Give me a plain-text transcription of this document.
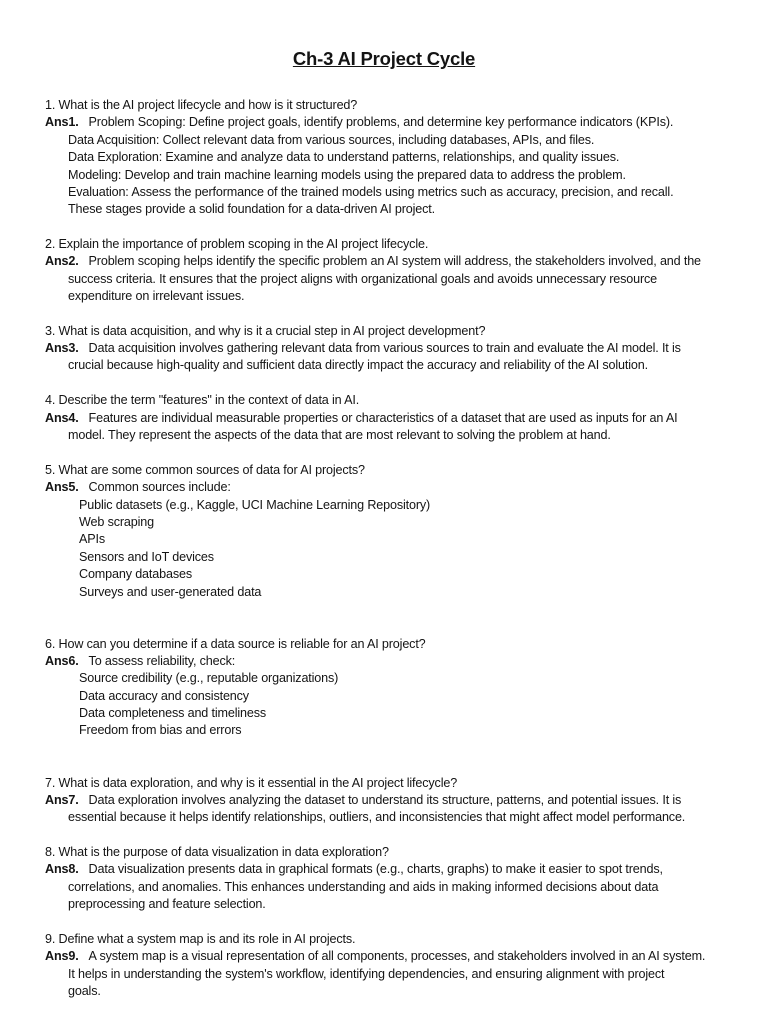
Ch-3 AI Project Cycle
1. What is the AI project lifecycle and how is it structured?
Ans1. Problem Scoping: Define project goals, identify problems, and determine key performance indicators (KPIs).
Data Acquisition: Collect relevant data from various sources, including databases, APIs, and files.
Data Exploration: Examine and analyze data to understand patterns, relationships, and quality issues.
Modeling: Develop and train machine learning models using the prepared data to address the problem.
Evaluation: Assess the performance of the trained models using metrics such as accuracy, precision, and recall.
These stages provide a solid foundation for a data-driven AI project.
2. Explain the importance of problem scoping in the AI project lifecycle.
Ans2. Problem scoping helps identify the specific problem an AI system will address, the stakeholders involved, and the
success criteria. It ensures that the project aligns with organizational goals and avoids unnecessary resource
expenditure on irrelevant issues.
3. What is data acquisition, and why is it a crucial step in AI project development?
Ans3. Data acquisition involves gathering relevant data from various sources to train and evaluate the AI model. It is
crucial because high-quality and sufficient data directly impact the accuracy and reliability of the AI solution.
4. Describe the term "features" in the context of data in AI.
Ans4. Features are individual measurable properties or characteristics of a dataset that are used as inputs for an AI
model. They represent the aspects of the data that are most relevant to solving the problem at hand.
5. What are some common sources of data for AI projects?
Ans5. Common sources include:
Public datasets (e.g., Kaggle, UCI Machine Learning Repository)
Web scraping
APIs
Sensors and IoT devices
Company databases
Surveys and user-generated data
6. How can you determine if a data source is reliable for an AI project?
Ans6. To assess reliability, check:
Source credibility (e.g., reputable organizations)
Data accuracy and consistency
Data completeness and timeliness
Freedom from bias and errors
7. What is data exploration, and why is it essential in the AI project lifecycle?
Ans7. Data exploration involves analyzing the dataset to understand its structure, patterns, and potential issues. It is
essential because it helps identify relationships, outliers, and inconsistencies that might affect model performance.
8. What is the purpose of data visualization in data exploration?
Ans8. Data visualization presents data in graphical formats (e.g., charts, graphs) to make it easier to spot trends,
correlations, and anomalies. This enhances understanding and aids in making informed decisions about data
preprocessing and feature selection.
9. Define what a system map is and its role in AI projects.
Ans9. A system map is a visual representation of all components, processes, and stakeholders involved in an AI system.
It helps in understanding the system's workflow, identifying dependencies, and ensuring alignment with project
goals.
